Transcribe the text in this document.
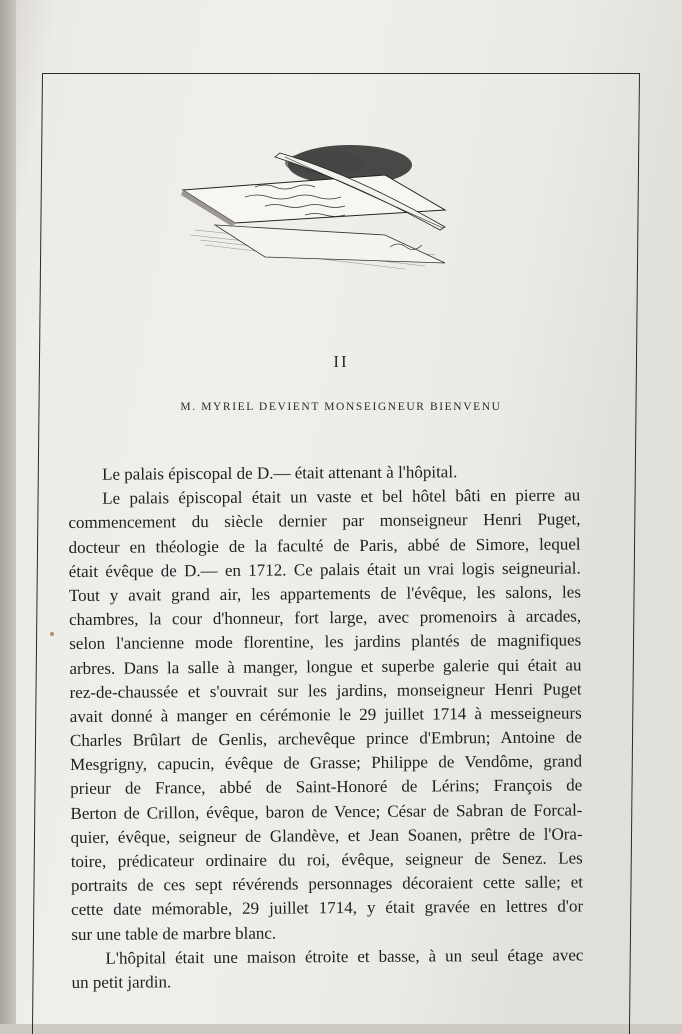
II
M. MYRIEL DEVIENT MONSEIGNEUR BIENVENU
Le palais épiscopal de D.— était attenant à l'hôpital.
Le palais épiscopal était un vaste et bel hôtel bâti en pierre au
commencement du siècle dernier par monseigneur Henri Puget,
docteur en théologie de la faculté de Paris, abbé de Simore, lequel
était évêque de D.— en 1712. Ce palais était un vrai logis seigneurial.
Tout y avait grand air, les appartements de l'évêque, les salons, les
chambres, la cour d'honneur, fort large, avec promenoirs à arcades,
selon l'ancienne mode florentine, les jardins plantés de magnifiques
arbres. Dans la salle à manger, longue et superbe galerie qui était au
rez-de-chaussée et s'ouvrait sur les jardins, monseigneur Henri Puget
avait donné à manger en cérémonie le 29 juillet 1714 à messeigneurs
Charles Brûlart de Genlis, archevêque prince d'Embrun; Antoine de
Mesgrigny, capucin, évêque de Grasse; Philippe de Vendôme, grand
prieur de France, abbé de Saint-Honoré de Lérins; François de
Berton de Crillon, évêque, baron de Vence; César de Sabran de Forcal-
quier, évêque, seigneur de Glandève, et Jean Soanen, prêtre de l'Ora-
toire, prédicateur ordinaire du roi, évêque, seigneur de Senez. Les
portraits de ces sept révérends personnages décoraient cette salle; et
cette date mémorable, 29 juillet 1714, y était gravée en lettres d'or
sur une table de marbre blanc.
L'hôpital était une maison étroite et basse, à un seul étage avec
un petit jardin.
